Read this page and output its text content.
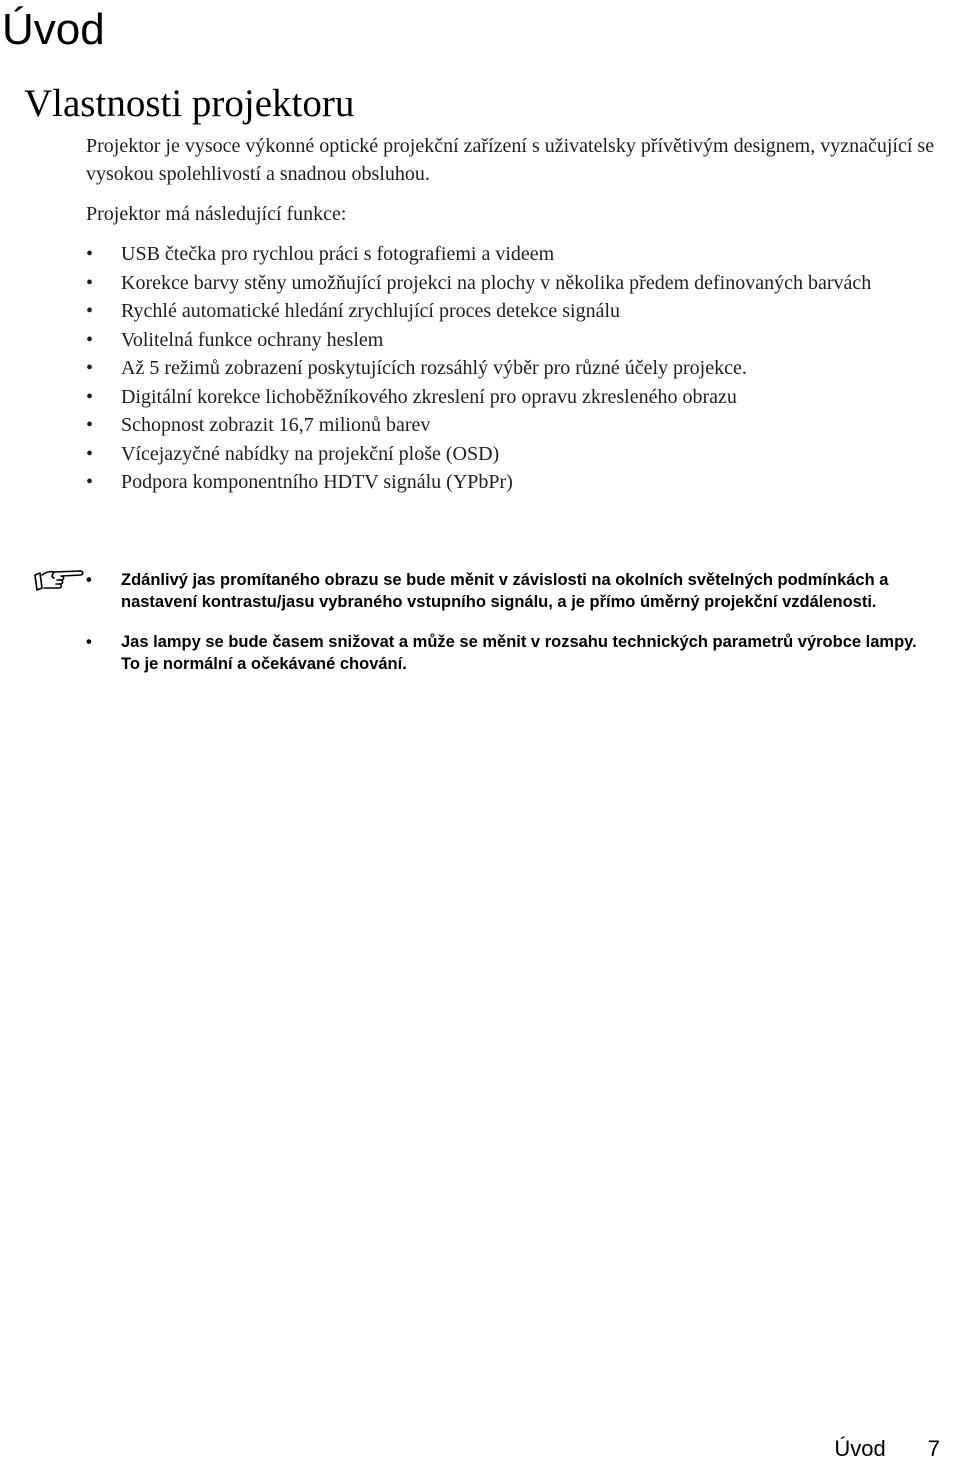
Úvod
Vlastnosti projektoru

Projektor je vysoce výkonné optické projekční zařízení s uživatelsky přívětivým designem, vyznačující se vysokou spolehlivostí a snadnou obsluhou.

Projektor má následující funkce:

•	USB čtečka pro rychlou práci s fotografiemi a videem
•	Korekce barvy stěny umožňující projekci na plochy v několika předem definovaných barvách
•	Rychlé automatické hledání zrychlující proces detekce signálu
•	Volitelná funkce ochrany heslem
•	Až 5 režimů zobrazení poskytujících rozsáhlý výběr pro různé účely projekce.
•	Digitální korekce lichoběžníkového zkreslení pro opravu zkresleného obrazu
•	Schopnost zobrazit 16,7 milionů barev
•	Vícejazyčné nabídky na projekční ploše (OSD)
•	Podpora komponentního HDTV signálu (YPbPr)
• Zdánlivý jas promítaného obrazu se bude měnit v závislosti na okolních světelných podmínkách a nastavení kontrastu/jasu vybraného vstupního signálu, a je přímo úměrný projekční vzdálenosti.
• Jas lampy se bude časem snižovat a může se měnit v rozsahu technických parametrů výrobce lampy. To je normální a očekávané chování.
Úvod 7
